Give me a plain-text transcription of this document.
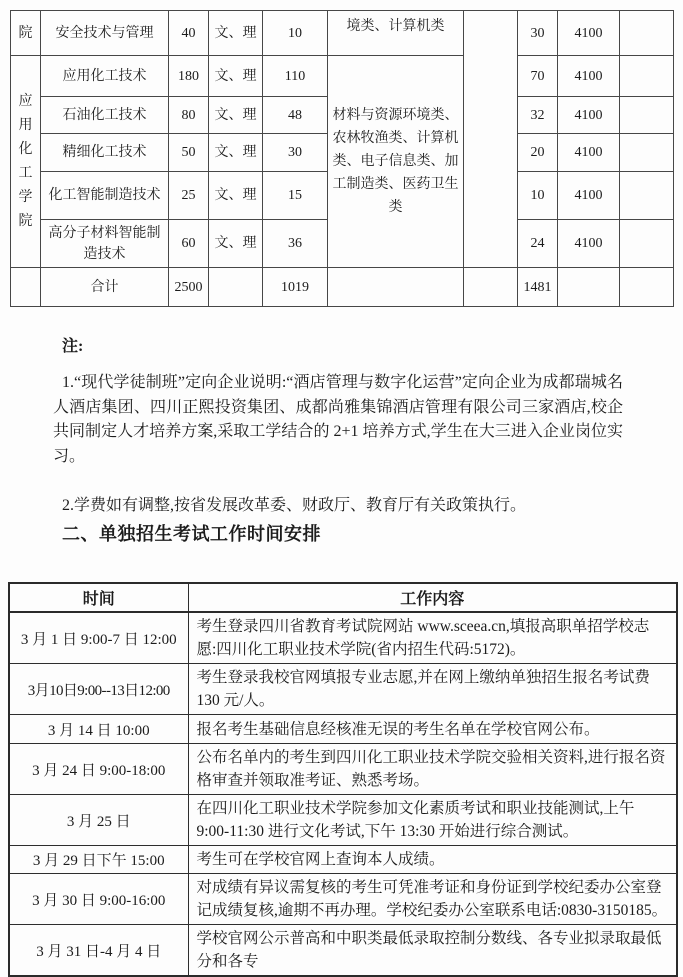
院	安全技术与管理	40	文、理	10	境类、计算机类		30	4100	

应用化工学院	应用化工技术	180	文、理	110	材料与资源环境类、农林牧渔类、计算机类、电子信息类、加工制造类、医药卫生类		70	4100	
	石油化工技术	80	文、理	48			32	4100	
	精细化工技术	50	文、理	30			20	4100	
	化工智能制造技术	25	文、理	15			10	4100	
	高分子材料智能制造技术	60	文、理	36			24	4100	
	合计	2500		1019			1481		

注:

1.“现代学徒制班”定向企业说明:“酒店管理与数字化运营”定向企业为成都瑞城名人酒店集团、四川正熙投资集团、成都尚雅集锦酒店管理有限公司三家酒店,校企共同制定人才培养方案,采取工学结合的 2+1 培养方式,学生在大三进入企业岗位实习。

2.学费如有调整,按省发展改革委、财政厅、教育厅有关政策执行。

二、单独招生考试工作时间安排
时间	工作内容
3 月 1 日 9:00-7 日 12:00	考生登录四川省教育考试院网站 www.sceea.cn,填报高职单招学校志愿:四川化工职业技术学院(省内招生代码:5172)。
3月10日9:00--13日12:00	考生登录我校官网填报专业志愿,并在网上缴纳单独招生报名考试费 130 元/人。
3 月 14 日 10:00	报名考生基础信息经核准无误的考生名单在学校官网公布。
3 月 24 日 9:00-18:00	公布名单内的考生到四川化工职业技术学院交验相关资料,进行报名资格审查并领取准考证、熟悉考场。
3 月 25 日	在四川化工职业技术学院参加文化素质考试和职业技能测试,上午 9:00-11:30 进行文化考试,下午 13:30 开始进行综合测试。
3 月 29 日下午 15:00	考生可在学校官网上查询本人成绩。
3 月 30 日 9:00-16:00	对成绩有异议需复核的考生可凭准考证和身份证到学校纪委办公室登记成绩复核,逾期不再办理。学校纪委办公室联系电话:0830-3150185。
3 月 31 日-4 月 4 日	学校官网公示普高和中职类最低录取控制分数线、各专业拟录取最低分和各专
